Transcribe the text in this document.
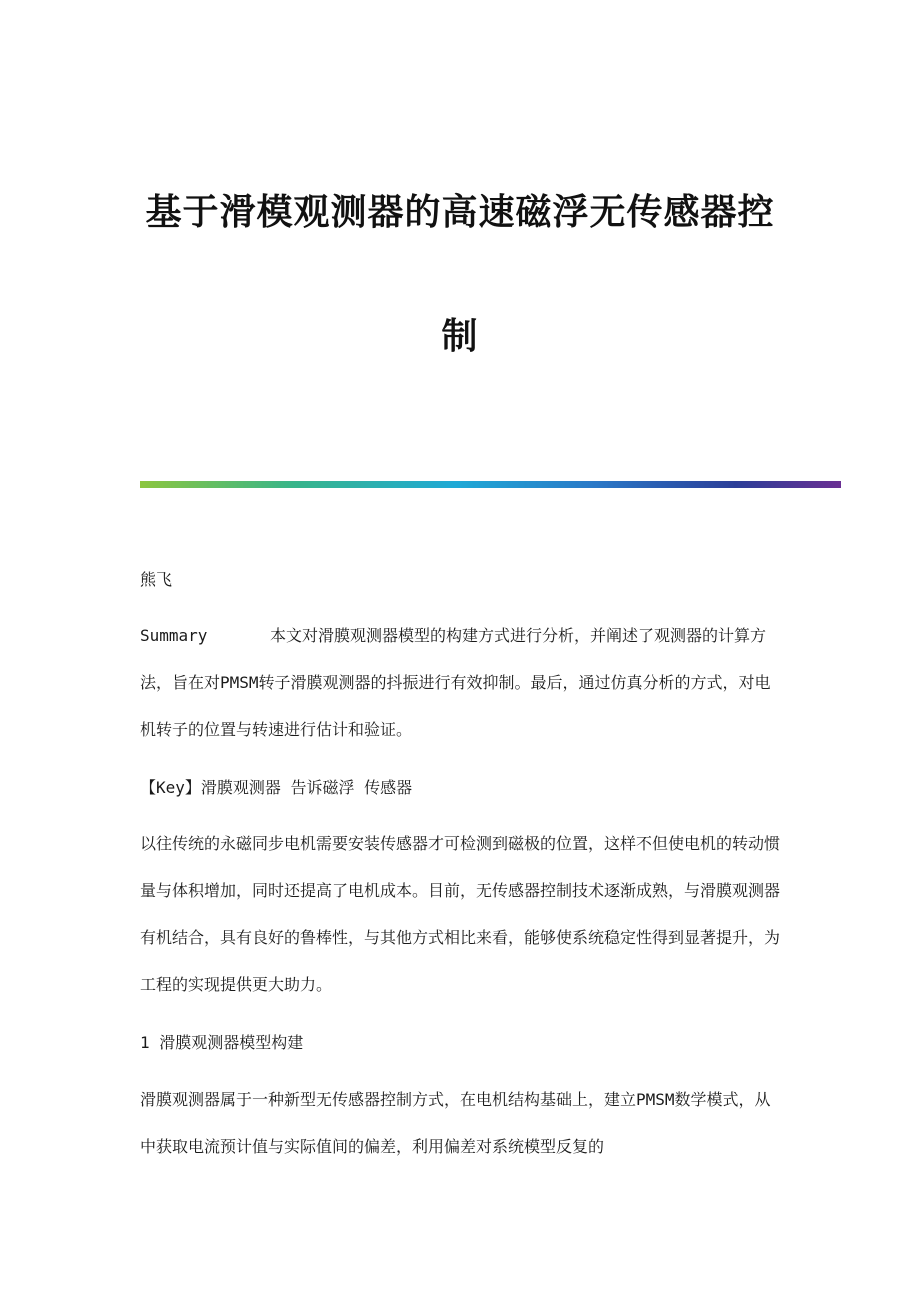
基于滑模观测器的高速磁浮无传感器控
制
熊飞
Summary	本文对滑膜观测器模型的构建方式进行分析，并阐述了观测器的计算方法，旨在对PMSM转子滑膜观测器的抖振进行有效抑制。最后，通过仿真分析的方式，对电机转子的位置与转速进行估计和验证。
【Key】滑膜观测器 告诉磁浮 传感器
以往传统的永磁同步电机需要安装传感器才可检测到磁极的位置，这样不但使电机的转动惯量与体积增加，同时还提高了电机成本。目前，无传感器控制技术逐渐成熟，与滑膜观测器有机结合，具有良好的鲁棒性，与其他方式相比来看，能够使系统稳定性得到显著提升，为工程的实现提供更大助力。
1 滑膜观测器模型构建
滑膜观测器属于一种新型无传感器控制方式，在电机结构基础上，建立PMSM数学模式，从中获取电流预计值与实际值间的偏差，利用偏差对系统模型反复的
